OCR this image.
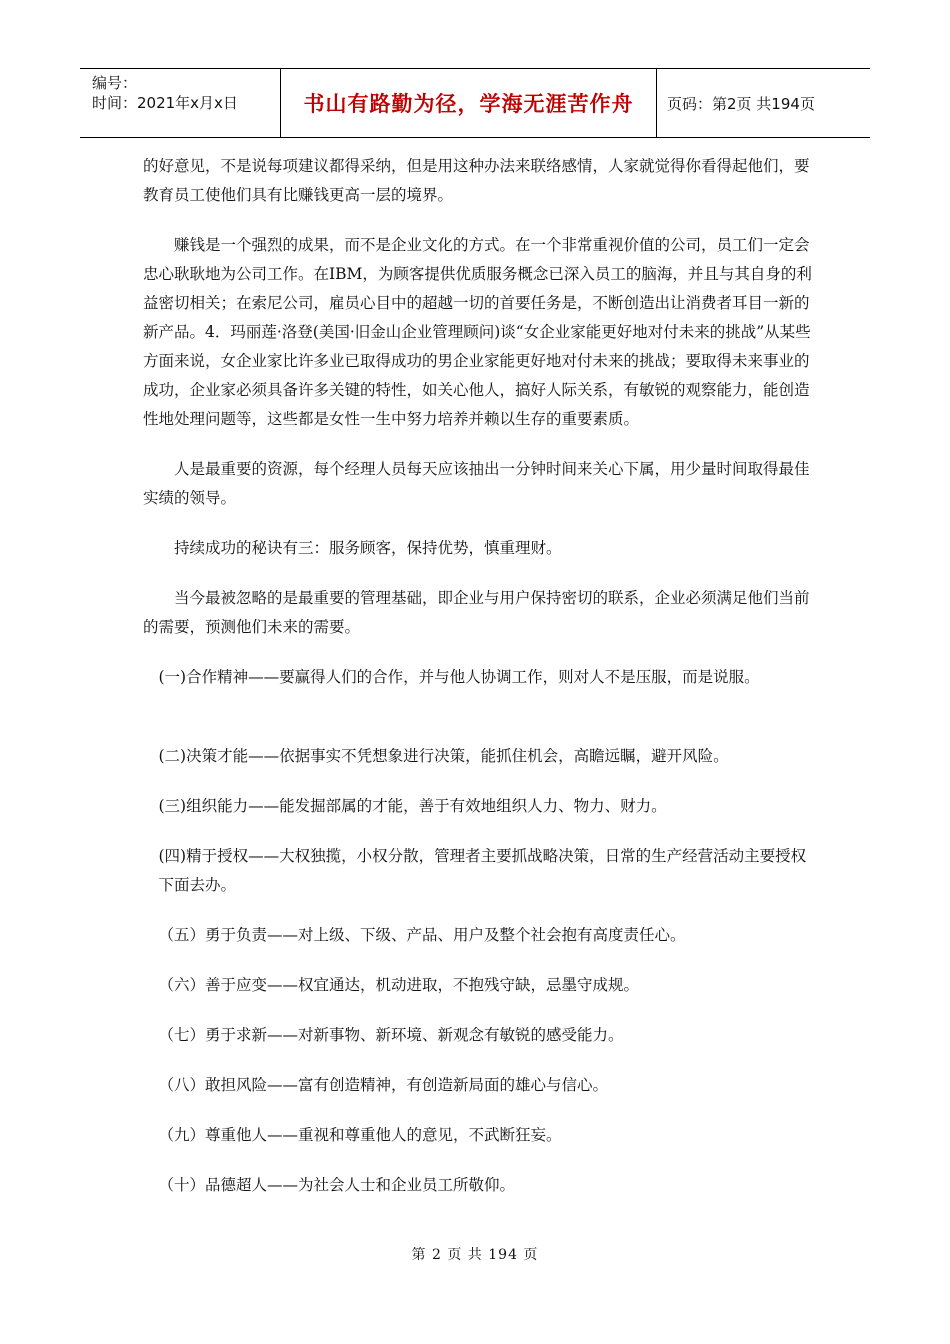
编号：
时间：2021年x月x日	书山有路勤为径，学海无涯苦作舟	页码：第2页 共194页

的好意见，不是说每项建议都得采纳，但是用这种办法来联络感情，人家就觉得你看得起他们，要教育员工使他们具有比赚钱更高一层的境界。

赚钱是一个强烈的成果，而不是企业文化的方式。在一个非常重视价值的公司，员工们一定会忠心耿耿地为公司工作。在IBM，为顾客提供优质服务概念已深入员工的脑海，并且与其自身的利益密切相关；在索尼公司，雇员心目中的超越一切的首要任务是，不断创造出让消费者耳目一新的新产品。4．玛丽莲·洛登(美国·旧金山企业管理顾问)谈“女企业家能更好地对付未来的挑战”从某些方面来说，女企业家比许多业已取得成功的男企业家能更好地对付未来的挑战；要取得未来事业的成功，企业家必须具备许多关键的特性，如关心他人，搞好人际关系，有敏锐的观察能力，能创造性地处理问题等，这些都是女性一生中努力培养并赖以生存的重要素质。

人是最重要的资源，每个经理人员每天应该抽出一分钟时间来关心下属，用少量时间取得最佳实绩的领导。

持续成功的秘诀有三：服务顾客，保持优势，慎重理财。

当今最被忽略的是最重要的管理基础，即企业与用户保持密切的联系，企业必须满足他们当前的需要，预测他们未来的需要。

(一)合作精神——要赢得人们的合作，并与他人协调工作，则对人不是压服，而是说服。

(二)决策才能——依据事实不凭想象进行决策，能抓住机会，高瞻远瞩，避开风险。

(三)组织能力——能发掘部属的才能，善于有效地组织人力、物力、财力。

(四)精于授权——大权独揽，小权分散，管理者主要抓战略决策，日常的生产经营活动主要授权下面去办。

（五）勇于负责——对上级、下级、产品、用户及整个社会抱有高度责任心。

（六）善于应变——权宜通达，机动进取，不抱残守缺，忌墨守成规。

（七）勇于求新——对新事物、新环境、新观念有敏锐的感受能力。

（八）敢担风险——富有创造精神，有创造新局面的雄心与信心。

（九）尊重他人——重视和尊重他人的意见，不武断狂妄。

（十）品德超人——为社会人士和企业员工所敬仰。

第 2 页 共 194 页
